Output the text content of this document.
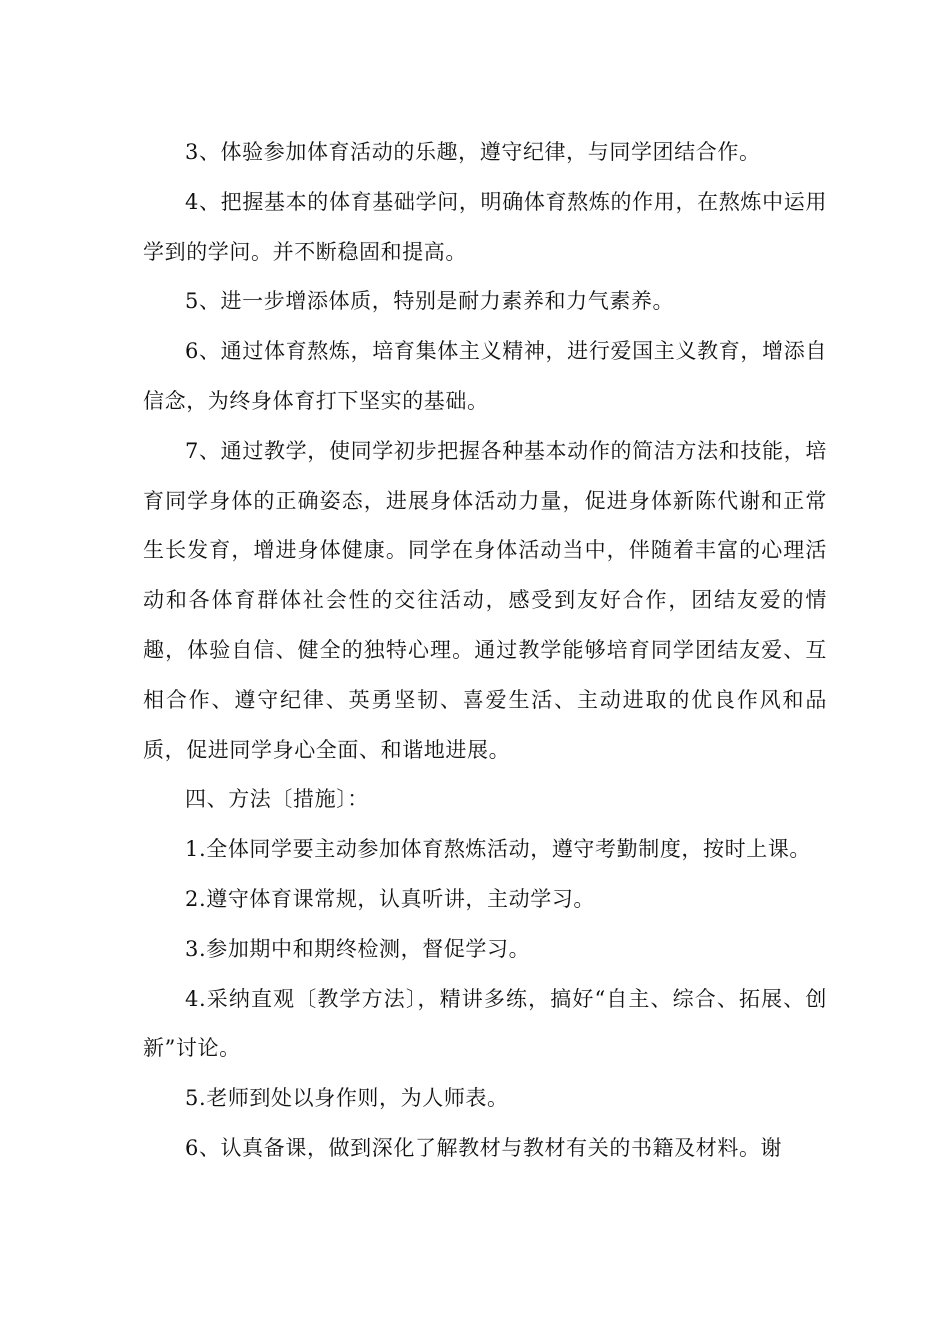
3、体验参加体育活动的乐趣，遵守纪律，与同学团结合作。

4、把握基本的体育基础学问，明确体育熬炼的作用，在熬炼中运用学到的学问。并不断稳固和提高。

5、进一步增添体质，特别是耐力素养和力气素养。

6、通过体育熬炼，培育集体主义精神，进行爱国主义教育，增添自信念，为终身体育打下坚实的基础。

7、通过教学，使同学初步把握各种基本动作的简洁方法和技能，培育同学身体的正确姿态，进展身体活动力量，促进身体新陈代谢和正常生长发育，增进身体健康。同学在身体活动当中，伴随着丰富的心理活动和各体育群体社会性的交往活动，感受到友好合作，团结友爱的情趣，体验自信、健全的独特心理。通过教学能够培育同学团结友爱、互相合作、遵守纪律、英勇坚韧、喜爱生活、主动进取的优良作风和品质，促进同学身心全面、和谐地进展。

四、方法〔措施〕：

1.全体同学要主动参加体育熬炼活动，遵守考勤制度，按时上课。

2.遵守体育课常规，认真听讲，主动学习。

3.参加期中和期终检测，督促学习。

4.采纳直观〔教学方法〕，精讲多练，搞好“自主、综合、拓展、创新”讨论。

5.老师到处以身作则，为人师表。

6、认真备课，做到深化了解教材与教材有关的书籍及材料。谢
